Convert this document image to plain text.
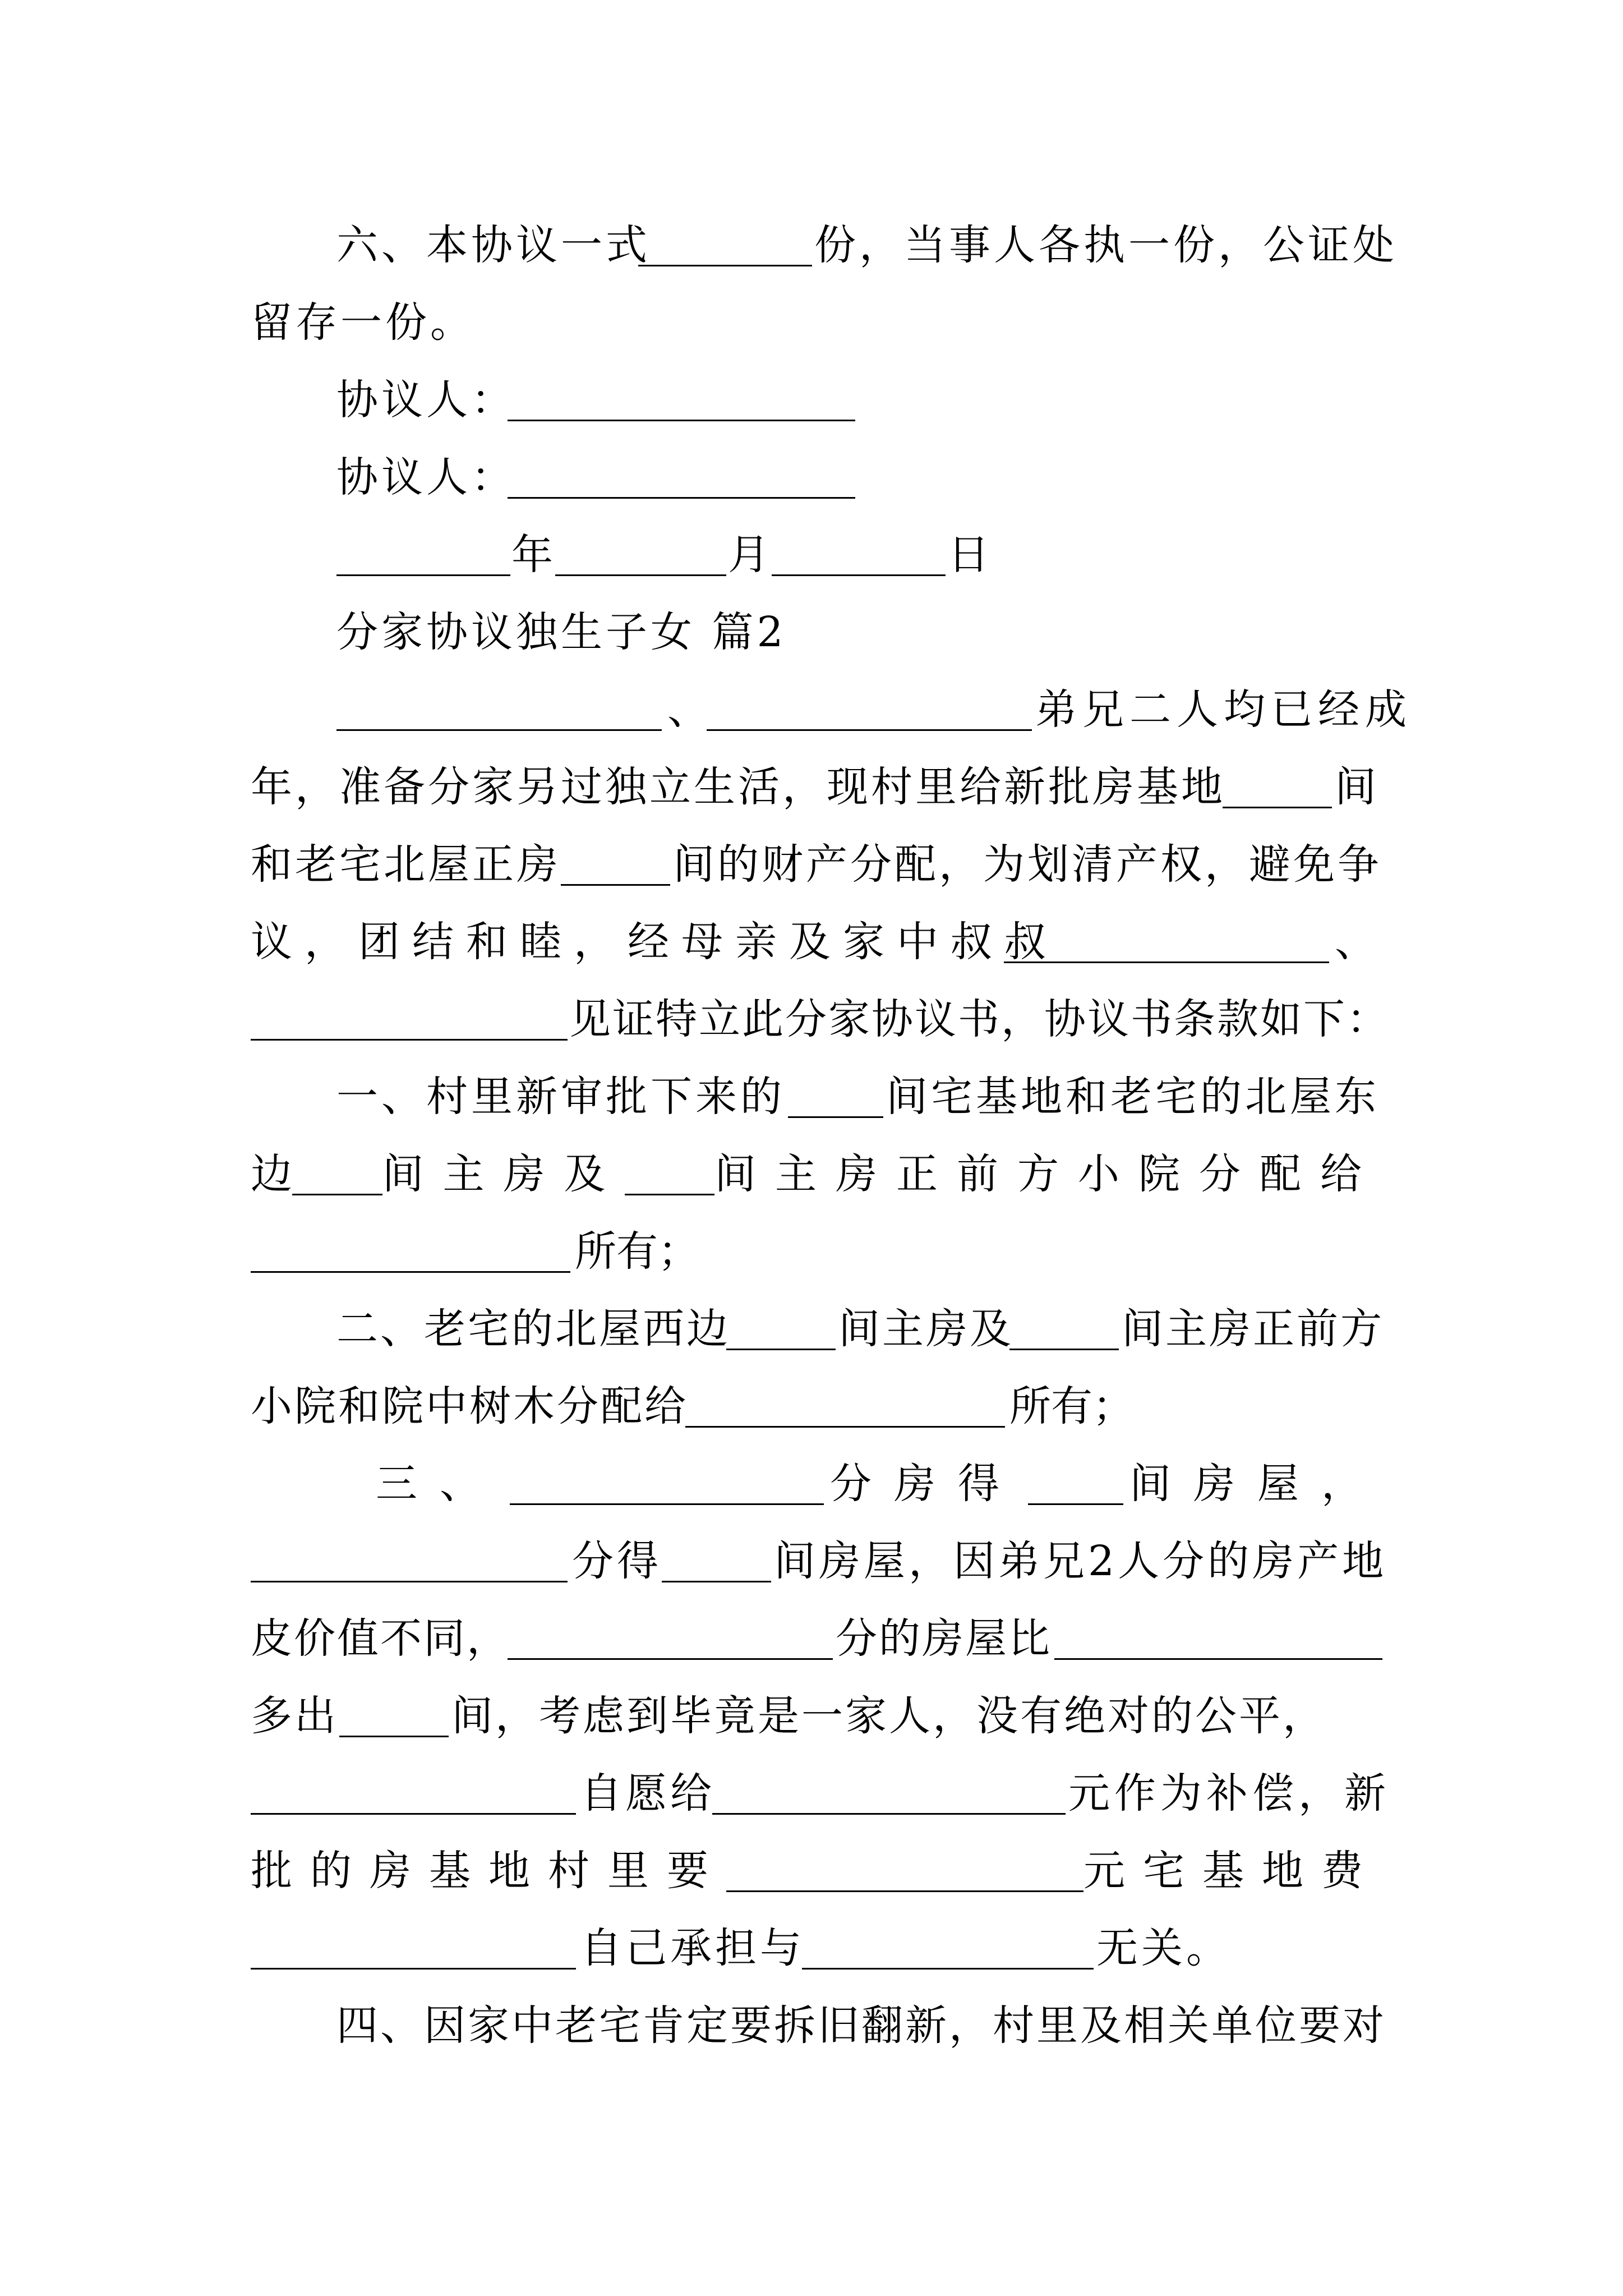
六、本协议一式	份，当事人各执一份，公证处
留存一份。
协议人：
协议人：
年	月	日
分家协议独生子女 篇2
、	弟兄二人均已经成
年，准备分家另过独立生活，现村里给新批房基地	间
和老宅北屋正房	间的财产分配，为划清产权，避免争
议，团结和睦，经母亲及家中叔叔	、
见证特立此分家协议书，协议书条款如下：
一、村里新审批下来的 间宅基地和老宅的北屋东
边 间主房及 间主房正前方小院分配给
所有；
二、老宅的北屋西边	间主房及	间主房正前方
小院和院中树木分配给	所有；
三、	分房得	间房屋，
分得	间房屋，因弟兄2人分的房产地
皮价值不同，	分的房屋比
多出	间，考虑到毕竟是一家人，没有绝对的公平，
自愿给	元作为补偿，新
批的房基地村里要	元宅基地费
自己承担与	无关。
四、因家中老宅肯定要拆旧翻新，村里及相关单位要对
